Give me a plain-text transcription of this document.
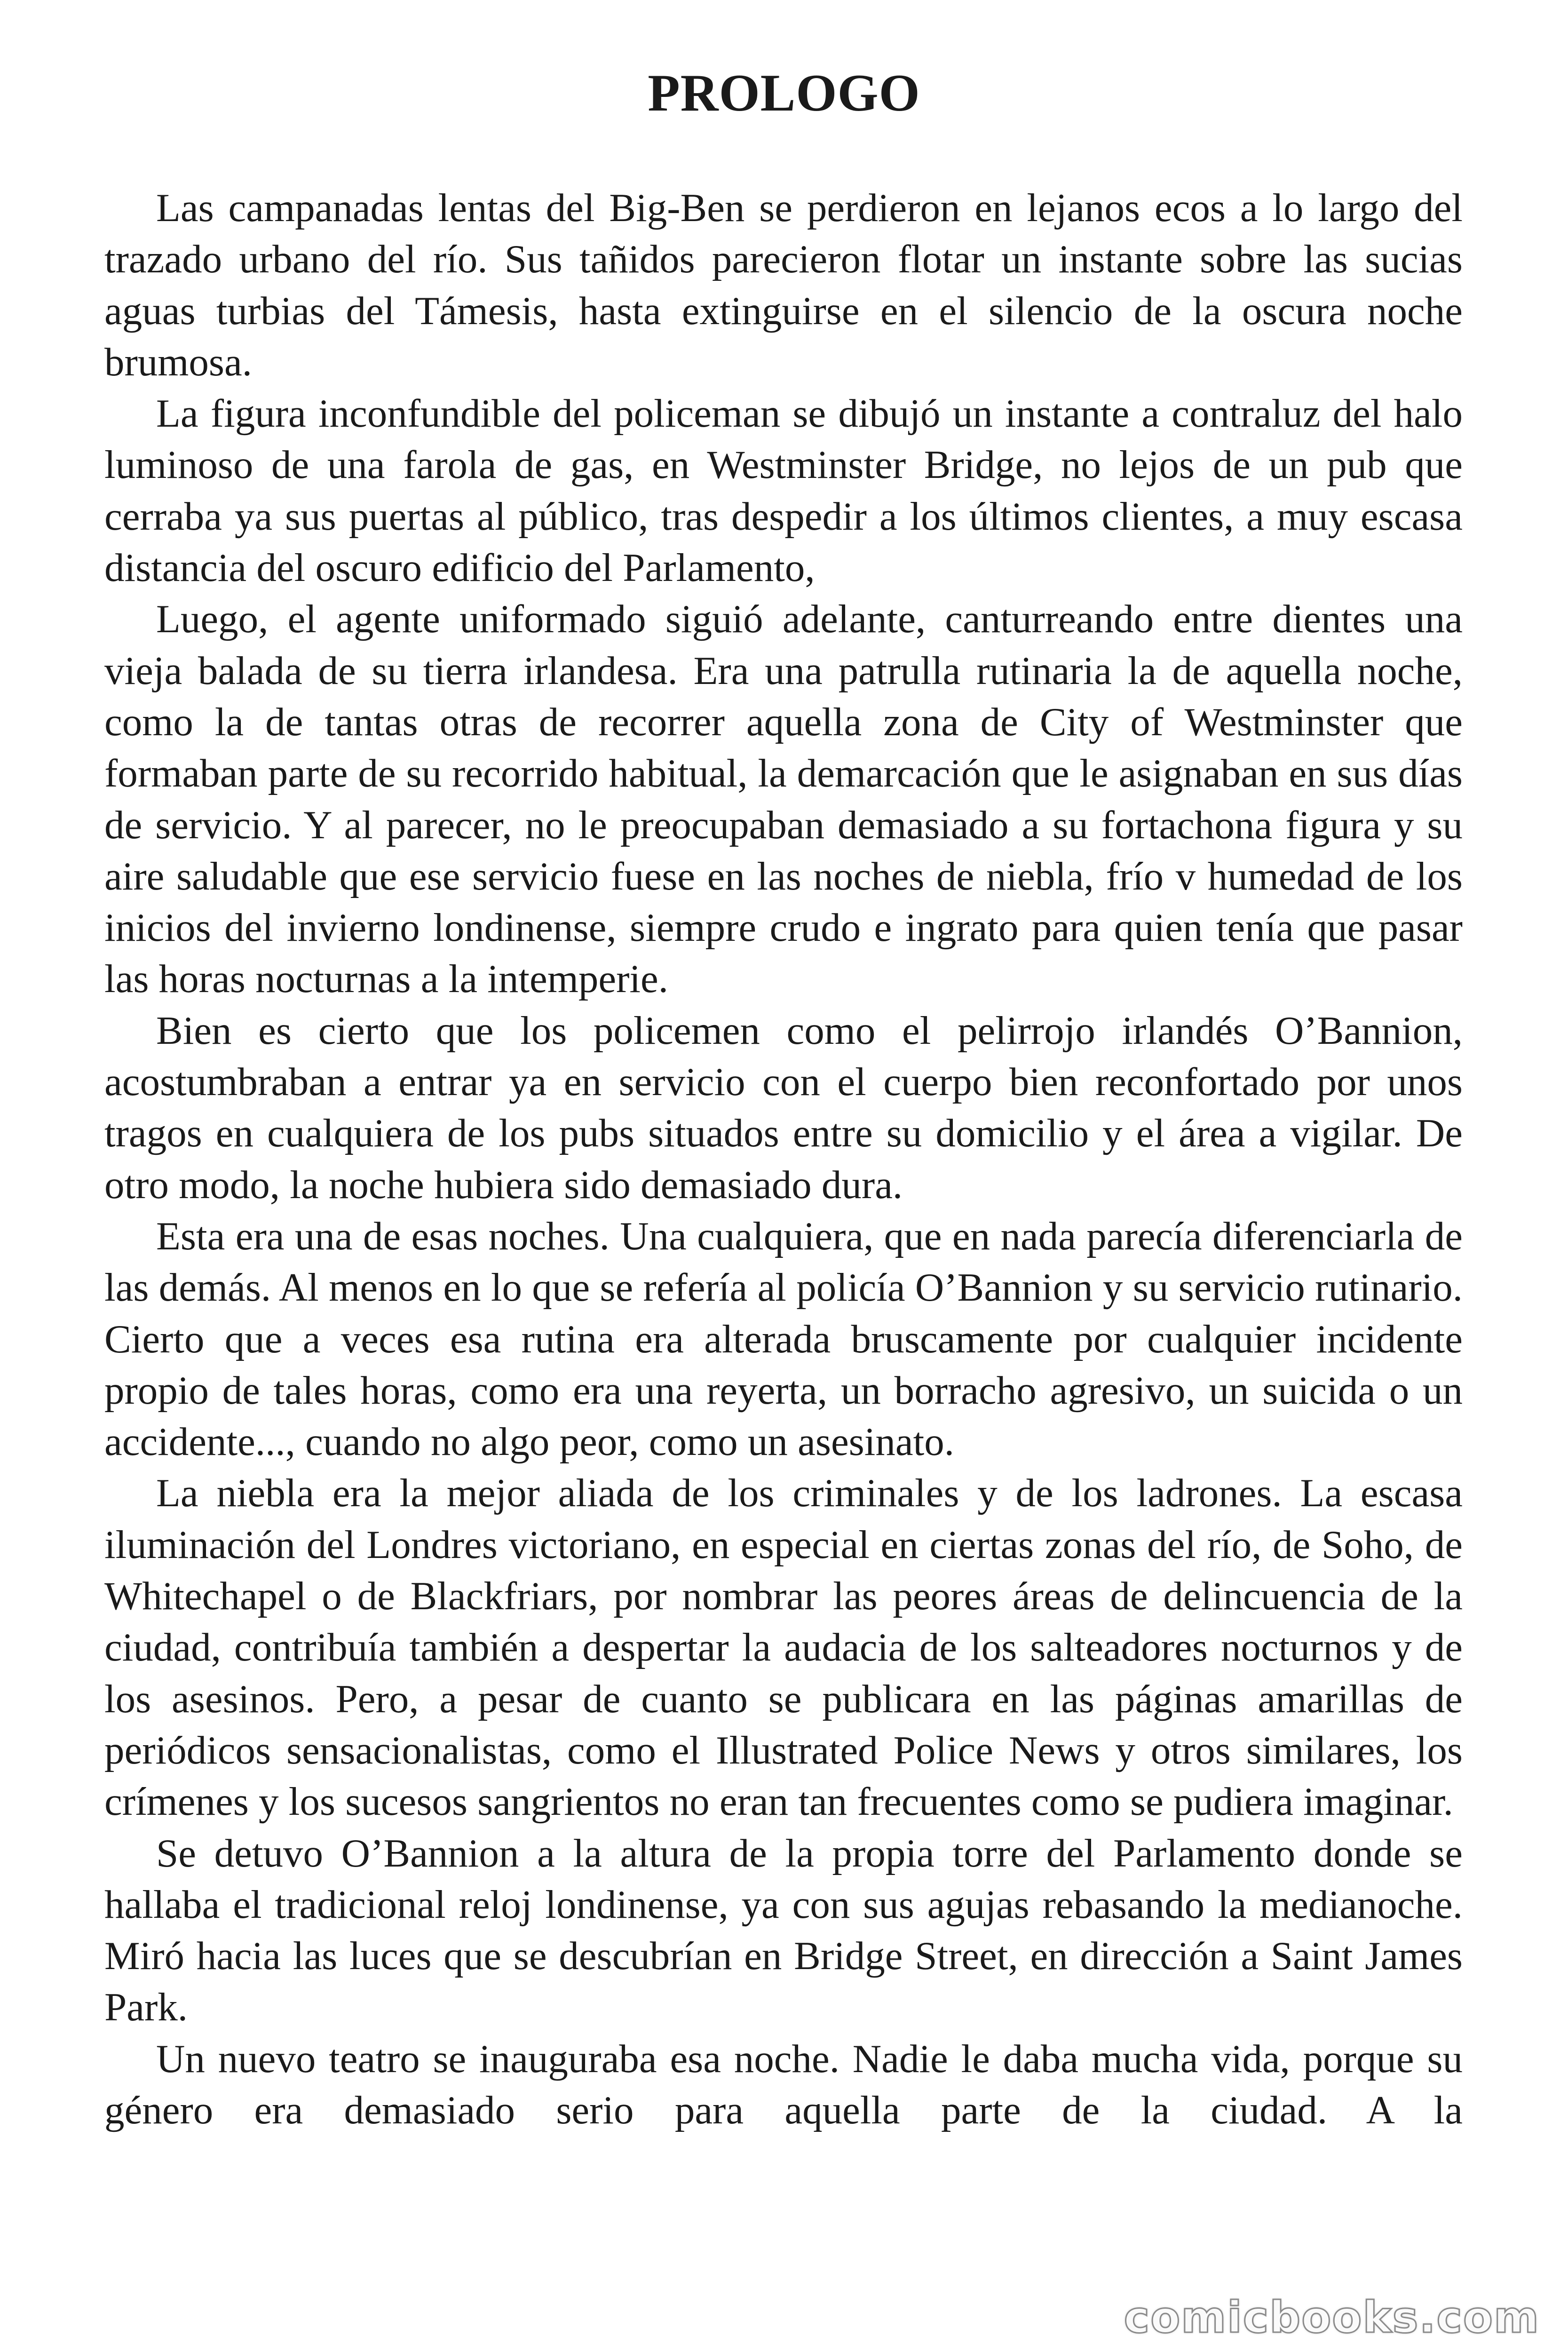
PROLOGO

Las campanadas lentas del Big-Ben se perdieron en lejanos ecos a lo largo del trazado urbano del río. Sus tañidos parecieron flotar un instante sobre las sucias aguas turbias del Támesis, hasta extinguirse en el silencio de la oscura noche brumosa.

La figura inconfundible del policeman se dibujó un instante a contraluz del halo luminoso de una farola de gas, en Westminster Bridge, no lejos de un pub que cerraba ya sus puertas al público, tras despedir a los últimos clientes, a muy escasa distancia del oscuro edificio del Parlamento,

Luego, el agente uniformado siguió adelante, canturreando entre dientes una vieja balada de su tierra irlandesa. Era una patrulla rutinaria la de aquella noche, como la de tantas otras de recorrer aquella zona de City of Westminster que formaban parte de su recorrido habitual, la demarcación que le asignaban en sus días de servicio. Y al parecer, no le preocupaban demasiado a su fortachona figura y su aire saludable que ese servicio fuese en las noches de niebla, frío v humedad de los inicios del invierno londinense, siempre crudo e ingrato para quien tenía que pasar las horas nocturnas a la intemperie.

Bien es cierto que los policemen como el pelirrojo irlandés O’Bannion, acostumbraban a entrar ya en servicio con el cuerpo bien reconfortado por unos tragos en cualquiera de los pubs situados entre su domicilio y el área a vigilar. De otro modo, la noche hubiera sido demasiado dura.

Esta era una de esas noches. Una cualquiera, que en nada parecía diferenciarla de las demás. Al menos en lo que se refería al policía O’Bannion y su servicio rutinario. Cierto que a veces esa rutina era alterada bruscamente por cualquier incidente propio de tales horas, como era una reyerta, un borracho agresivo, un suicida o un accidente..., cuando no algo peor, como un asesinato.

La niebla era la mejor aliada de los criminales y de los ladrones. La escasa iluminación del Londres victoriano, en especial en ciertas zonas del río, de Soho, de Whitechapel o de Blackfriars, por nombrar las peores áreas de delincuencia de la ciudad, contribuía también a despertar la audacia de los salteadores nocturnos y de los asesinos. Pero, a pesar de cuanto se publicara en las páginas amarillas de periódicos sensacionalistas, como el Illustrated Police News y otros similares, los crímenes y los sucesos sangrientos no eran tan frecuentes como se pudiera imaginar.

Se detuvo O’Bannion a la altura de la propia torre del Parlamento donde se hallaba el tradicional reloj londinense, ya con sus agujas rebasando la medianoche. Miró hacia las luces que se descubrían en Bridge Street, en dirección a Saint James Park.

Un nuevo teatro se inauguraba esa noche. Nadie le daba mucha vida, porque su género era demasiado serio para aquella parte de la ciudad. A la

comicbooks.com
